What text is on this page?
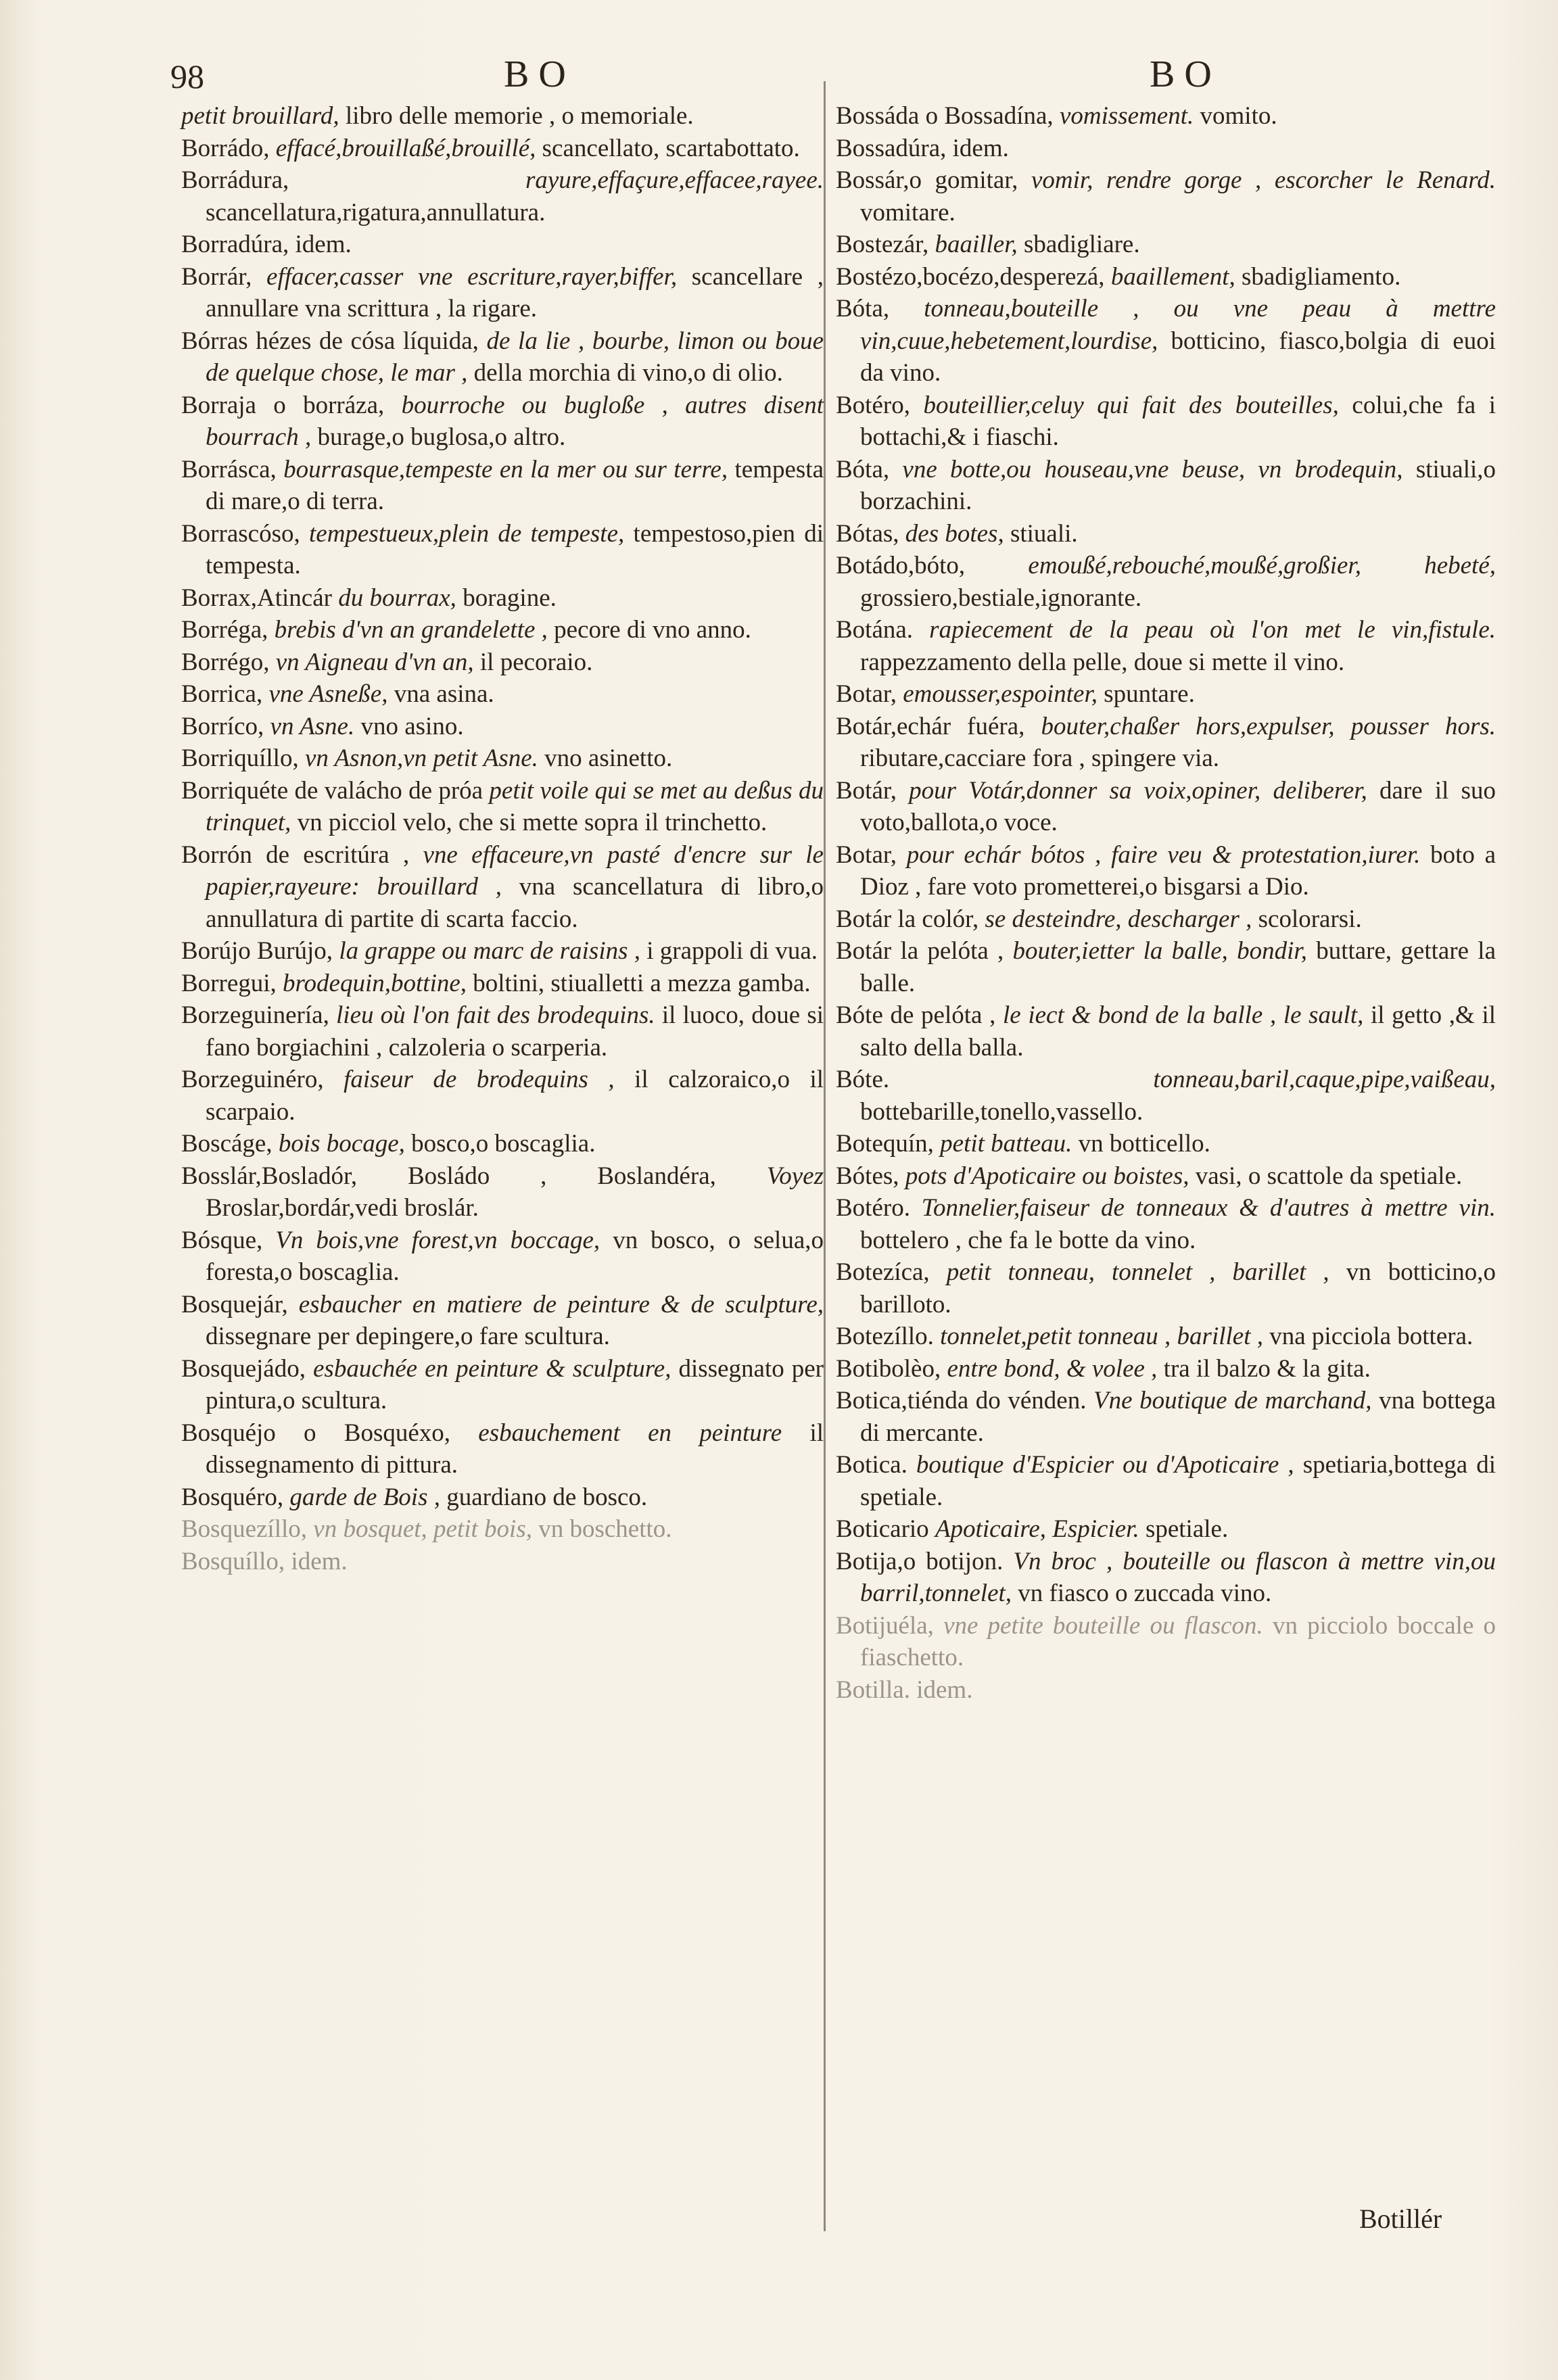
98	BO	BO
petit brouillard, libro delle memorie , o memoriale.
Borrádo, effacé,brouillaßé,brouillé, scancellato, scartabottato.
Borrádura,	rayure,effaçure,effacee,rayee. scancellatura,rigatura,annullatura.
Borradúra, idem.
Borrár, effacer,casser vne escriture,rayer,biffer, scancellare , annullare vna scrittura , la rigare.
Bórras hézes de cósa líquida, de la lie , bourbe, limon ou boue de quelque chose, le mar , della morchia di vino,o di olio.
Borraja o borráza, bourroche ou bugloße , autres disent bourrach , burage,o buglosa,o altro.
Borrásca, bourrasque,tempeste en la mer ou sur terre, tempesta di mare,o di terra.
Borrascóso, tempestueux,plein de tempeste, tempestoso,pien di tempesta.
Borrax,Atincár du bourrax, boragine.
Borréga, brebis d'vn an grandelette , pecore di vno anno.
Borrégo, vn Aigneau d'vn an, il pecoraio.
Borrica, vne Asneße, vna asina.
Borríco, vn Asne. vno asino.
Borriquíllo, vn Asnon,vn petit Asne. vno asinetto.
Borriquéte de valácho de próa petit voile qui se met au deßus du trinquet, vn picciol velo, che si mette sopra il trinchetto.
Borrón de escritúra , vne effaceure,vn pasté d'encre sur le papier,rayeure: brouillard , vna scancellatura di libro,o annullatura di partite di scarta faccio.
Borújo Burújo, la grappe ou marc de raisins , i grappoli di vua.
Borregui, brodequin,bottine, boltini, stiualletti a mezza gamba.
Borzeguinería, lieu où l'on fait des brodequins. il luoco, doue si fano borgiachini , calzoleria o scarperia.
Borzeguinéro, faiseur de brodequins , il calzoraico,o il scarpaio.
Boscáge, bois bocage, bosco,o boscaglia.
Bosslár,Bosladór, Bosládo , Boslandéra, Voyez Broslar,bordár,vedi broslár.
Bósque, Vn bois,vne forest,vn boccage, vn bosco, o selua,o foresta,o boscaglia.
Bosquejár, esbaucher en matiere de peinture & de sculpture, dissegnare per depingere,o fare scultura.
Bosquejádo, esbauchée en peinture & sculpture, dissegnato per pintura,o scultura.
Bosquéjo o Bosquéxo, esbauchement en peinture il dissegnamento di pittura.
Bosquéro, garde de Bois , guardiano de bosco.
Bosquezíllo, vn bosquet, petit bois, vn boschetto.
Bosquíllo, idem.
Bossáda o Bossadína, vomissement. vomito.
Bossadúra, idem.
Bossár,o gomitar, vomir, rendre gorge , escorcher le Renard. vomitare.
Bostezár, baailler, sbadigliare.
Bostézo,bocézo,desperezá, baaillement, sbadigliamento.
Bóta, tonneau,bouteille , ou vne peau à mettre vin,cuue,hebetement,lourdise, botticino, fiasco,bolgia di euoi da vino.
Botéro, bouteillier,celuy qui fait des bouteilles, colui,che fa i bottachi,& i fiaschi.
Bóta, vne botte,ou houseau,vne beuse, vn brodequin, stiuali,o borzachini.
Bótas, des botes, stiuali.
Botádo,bóto,	emoußé,rebouché,moußé,großier, hebeté, grossiero,bestiale,ignorante.
Botána. rapiecement de la peau où l'on met le vin,fistule. rappezzamento della pelle, doue si mette il vino.
Botar, emousser,espointer, spuntare.
Botár,echár fuéra, bouter,chaßer hors,expulser, pousser hors. ributare,cacciare fora , spingere via.
Botár, pour Votár,donner sa voix,opiner, deliberer, dare il suo voto,ballota,o voce.
Botar, pour echár bótos , faire veu & protestation,iurer. boto a Dioz , fare voto prometterei,o bisgarsi a Dio.
Botár la colór, se desteindre, descharger , scolorarsi.
Botár la pelóta , bouter,ietter la balle, bondir, buttare, gettare la balle.
Bóte de pelóta , le iect & bond de la balle , le sault, il getto ,& il salto della balla.
Bóte.	tonneau,baril,caque,pipe,vaißeau, bottebarille,tonello,vassello.
Botequín, petit batteau. vn botticello.
Bótes, pots d'Apoticaire ou boistes, vasi, o scattole da spetiale.
Botéro. Tonnelier,faiseur de tonneaux & d'autres à mettre vin. bottelero , che fa le botte da vino.
Botezíca, petit tonneau, tonnelet , barillet , vn botticino,o barilloto.
Botezíllo. tonnelet,petit tonneau , barillet , vna picciola bottera.
Botibolèo, entre bond, & volee , tra il balzo & la gita.
Botica,tiénda do vénden. Vne boutique de marchand, vna bottega di mercante.
Botica. boutique d'Espicier ou d'Apoticaire , spetiaria,bottega di spetiale.
Boticario Apoticaire, Espicier. spetiale.
Botija,o botijon. Vn broc , bouteille ou flascon à mettre vin,ou barril,tonnelet, vn fiasco o zuccada vino.
Botijuéla, vne petite bouteille ou flascon. vn picciolo boccale o fiaschetto.
Botilla. idem.
Botillér
